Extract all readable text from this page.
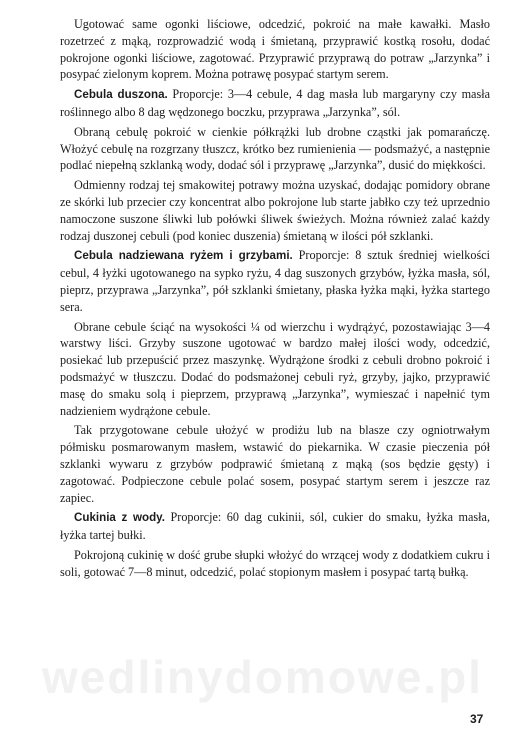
Ugotować same ogonki liściowe, odcedzić, pokroić na małe kawałki. Masło rozetrzeć z mąką, rozprowadzić wodą i śmietaną, przyprawić kostką rosołu, dodać pokrojone ogonki liściowe, zagotować. Przyprawić przyprawą do potraw „Jarzynka” i posypać zielonym koprem. Można potrawę posypać startym serem.

Cebula duszona. Proporcje: 3—4 cebule, 4 dag masła lub margaryny czy masła roślinnego albo 8 dag wędzonego boczku, przyprawa „Jarzynka”, sól.

Obraną cebulę pokroić w cienkie półkrążki lub drobne cząstki jak pomarańczę. Włożyć cebulę na rozgrzany tłuszcz, krótko bez rumienienia — podsmażyć, a następnie podlać niepełną szklanką wody, dodać sól i przyprawę „Jarzynka”, dusić do miękkości.

Odmienny rodzaj tej smakowitej potrawy można uzyskać, dodając pomidory obrane ze skórki lub przecier czy koncentrat albo pokrojone lub starte jabłko czy też uprzednio namoczone suszone śliwki lub połówki śliwek świeżych. Można również zalać każdy rodzaj duszonej cebuli (pod koniec duszenia) śmietaną w ilości pół szklanki.

Cebula nadziewana ryżem i grzybami. Proporcje: 8 sztuk średniej wielkości cebul, 4 łyżki ugotowanego na sypko ryżu, 4 dag suszonych grzybów, łyżka masła, sól, pieprz, przyprawa „Jarzynka”, pół szklanki śmietany, płaska łyżka mąki, łyżka startego sera.

Obrane cebule ściąć na wysokości ¼ od wierzchu i wydrążyć, pozostawiając 3—4 warstwy liści. Grzyby suszone ugotować w bardzo małej ilości wody, odcedzić, posiekać lub przepuścić przez maszynkę. Wydrążone środki z cebuli drobno pokroić i podsmażyć w tłuszczu. Dodać do podsmażonej cebuli ryż, grzyby, jajko, przyprawić masę do smaku solą i pieprzem, przyprawą „Jarzynka”, wymieszać i napełnić tym nadzieniem wydrążone cebule.

Tak przygotowane cebule ułożyć w prodiżu lub na blasze czy ogniotrwałym półmisku posmarowanym masłem, wstawić do piekarnika. W czasie pieczenia pół szklanki wywaru z grzybów podprawić śmietaną z mąką (sos będzie gęsty) i zagotować. Podpieczone cebule polać sosem, posypać startym serem i jeszcze raz zapiec.

Cukinia z wody. Proporcje: 60 dag cukinii, sól, cukier do smaku, łyżka masła, łyżka tartej bułki.

Pokrojoną cukinię w dość grube słupki włożyć do wrzącej wody z dodatkiem cukru i soli, gotować 7—8 minut, odcedzić, polać stopionym masłem i posypać tartą bułką.

wedlinydomowe.pl
37
